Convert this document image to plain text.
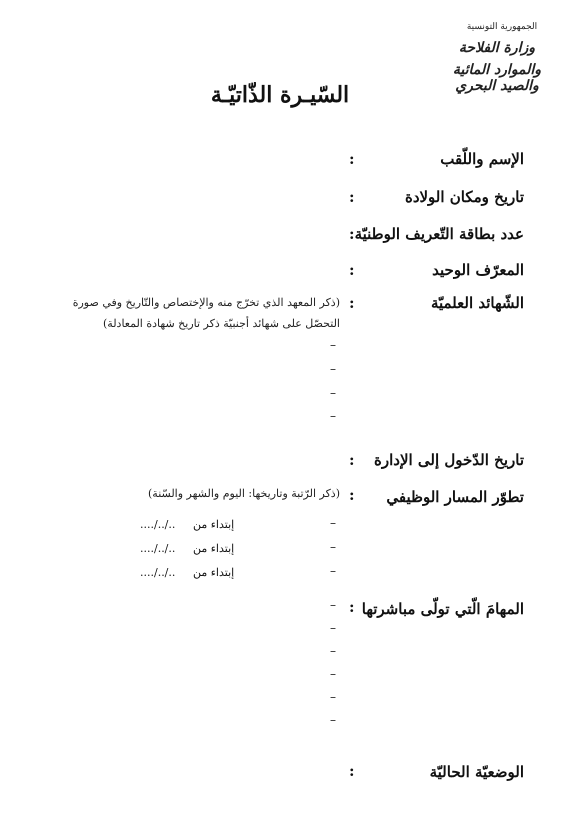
الجمهورية التونسية
وزارة الفلاحة
والموارد المائية والصيد البحري
السّيـرة الذّاتيّـة
الإسم واللّقب
:
تاريخ ومكان الولادة
:
عدد بطاقة التّعريف الوطنيّة
:
المعرّف الوحيد
:
الشّهائد العلميّة
:
(ذكر المعهد الذي تخرّج منه والإختصاص والتّاريخ وفي صورة
التحصّل على شهائد أجنبيّة ذكر تاريخ شهادة المعادلة)
–
–
–
–
تاريخ الدّخول إلى الإدارة
:
تطوّر المسار الوظيفي
:
(ذكر الرّتبة وتاريخها: اليوم والشهر والسّنة)
–
إبتداء من
..../../..
–
إبتداء من
..../../..
–
إبتداء من
..../../..
المهامَ الّتي تولّى مباشرتها
:
–
–
–
–
–
–
الوضعيّة الحاليّة
:
